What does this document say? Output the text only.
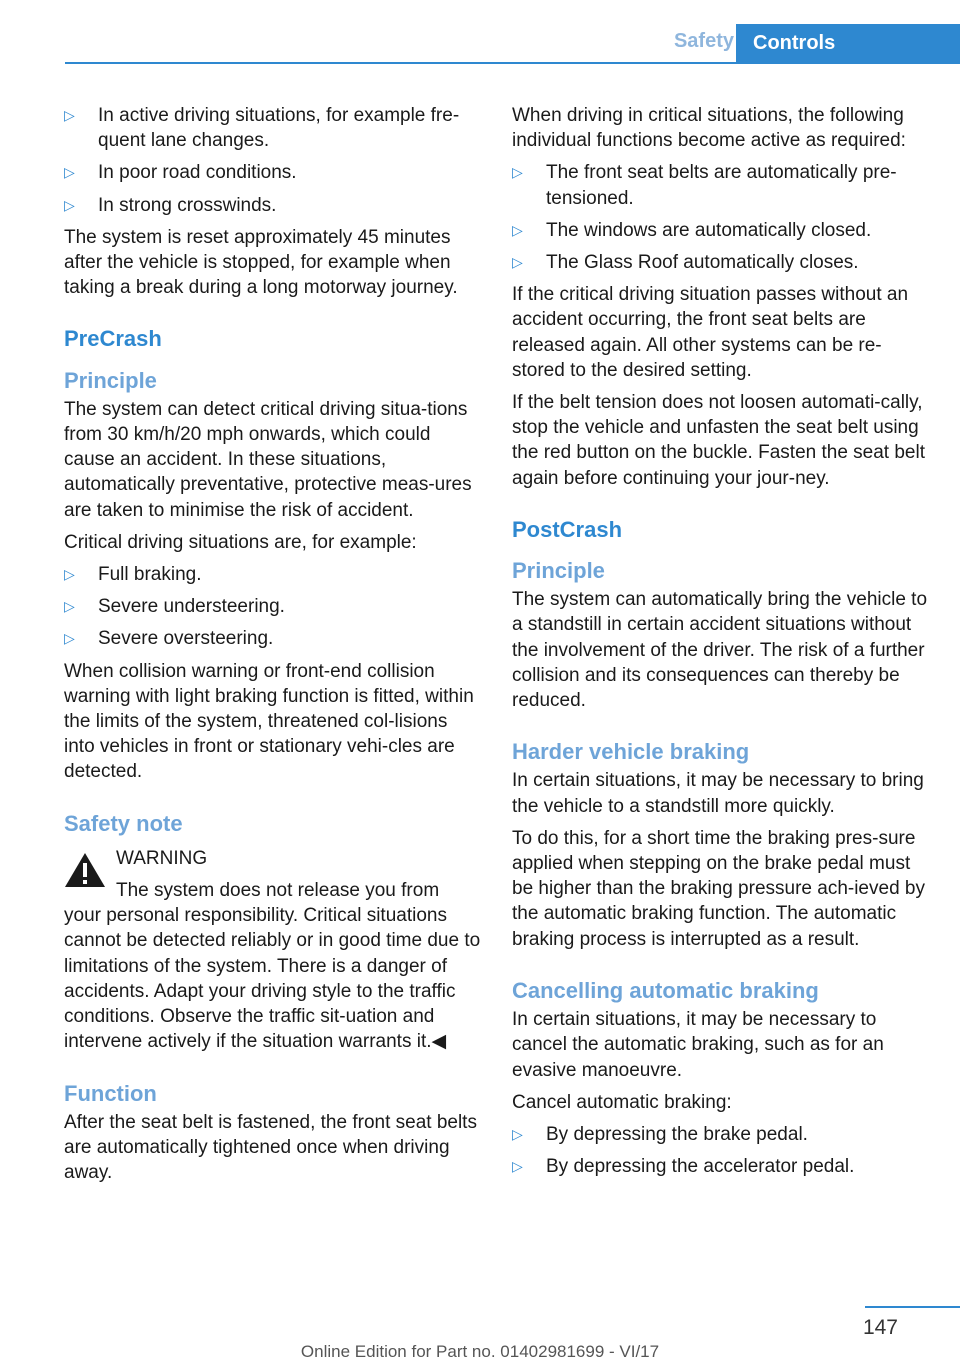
Safety Controls
▷ In active driving situations, for example fre-quent lane changes.
▷ In poor road conditions.
▷ In strong crosswinds.

The system is reset approximately 45 minutes after the vehicle is stopped, for example when taking a break during a long motorway journey.

PreCrash
Principle

The system can detect critical driving situa-tions from 30 km/h/20 mph onwards, which could cause an accident. In these situations, automatically preventative, protective meas-ures are taken to minimise the risk of accident.

Critical driving situations are, for example:

▷ Full braking.
▷ Severe understeering.
▷ Severe oversteering.

When collision warning or front-end collision warning with light braking function is fitted, within the limits of the system, threatened col-lisions into vehicles in front or stationary vehi-cles are detected.

Safety note
WARNING
The system does not release you from

your personal responsibility. Critical situations cannot be detected reliably or in good time due to limitations of the system. There is a danger of accidents. Adapt your driving style to the traffic conditions. Observe the traffic sit-uation and intervene actively if the situation warrants it.◀

Function

After the seat belt is fastened, the front seat belts are automatically tightened once when driving away.

When driving in critical situations, the following individual functions become active as required:

▷ The front seat belts are automatically pre-tensioned.
▷ The windows are automatically closed.
▷ The Glass Roof automatically closes.

If the critical driving situation passes without an accident occurring, the front seat belts are released again. All other systems can be re-stored to the desired setting.

If the belt tension does not loosen automati-cally, stop the vehicle and unfasten the seat belt using the red button on the buckle. Fasten the seat belt again before continuing your jour-ney.

PostCrash
Principle

The system can automatically bring the vehicle to a standstill in certain accident situations without the involvement of the driver. The risk of a further collision and its consequences can thereby be reduced.

Harder vehicle braking

In certain situations, it may be necessary to bring the vehicle to a standstill more quickly.

To do this, for a short time the braking pres-sure applied when stepping on the brake pedal must be higher than the braking pressure ach-ieved by the automatic braking function. The automatic braking process is interrupted as a result.

Cancelling automatic braking

In certain situations, it may be necessary to cancel the automatic braking, such as for an evasive manoeuvre.

Cancel automatic braking:

▷ By depressing the brake pedal.
▷ By depressing the accelerator pedal.
147
Online Edition for Part no. 01402981699 - VI/17
